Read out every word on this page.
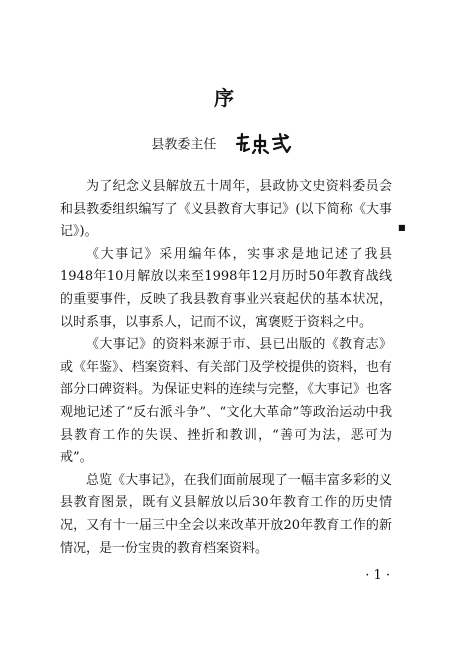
序
县教委主任
■

为了纪念义县解放五十周年，县政协文史资料委员会和县教委组织编写了《义县教育大事记》(以下简称《大事记》)。

《大事记》采用编年体，实事求是地记述了我县1948年10月解放以来至1998年12月历时50年教育战线的重要事件，反映了我县教育事业兴衰起伏的基本状况，以时系事，以事系人，记而不议，寓褒贬于资料之中。

《大事记》的资料来源于市、县已出版的《教育志》或《年鉴》、档案资料、有关部门及学校提供的资料，也有部分口碑资料。为保证史料的连续与完整，《大事记》也客观地记述了“反右派斗争”、“文化大革命”等政治运动中我县教育工作的失误、挫折和教训，“善可为法，恶可为戒”。

总览《大事记》，在我们面前展现了一幅丰富多彩的义县教育图景，既有义县解放以后30年教育工作的历史情况，又有十一届三中全会以来改革开放20年教育工作的新情况，是一份宝贵的教育档案资料。

· 1 ·
